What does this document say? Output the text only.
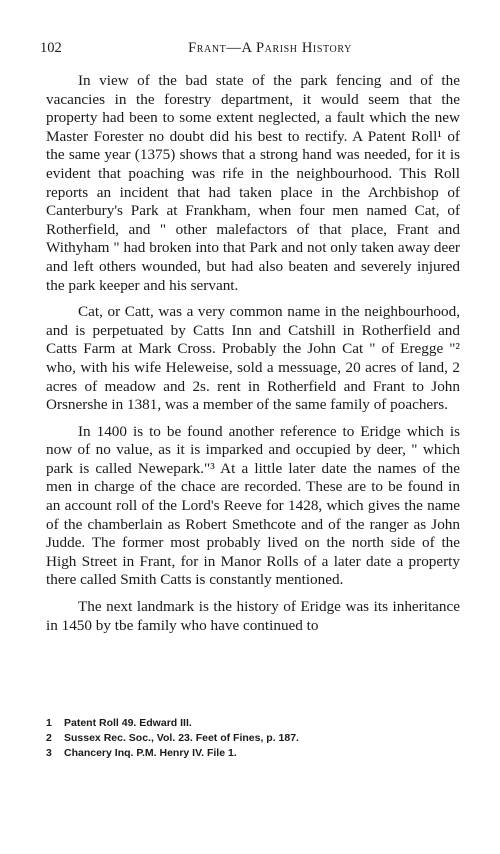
102	Frant—A Parish History

In view of the bad state of the park fencing and of the vacancies in the forestry department, it would seem that the property had been to some extent neglected, a fault which the new Master Forester no doubt did his best to rectify. A Patent Roll¹ of the same year (1375) shows that a strong hand was needed, for it is evident that poaching was rife in the neighbourhood. This Roll reports an incident that had taken place in the Archbishop of Canterbury's Park at Frankham, when four men named Cat, of Rotherfield, and " other malefactors of that place, Frant and Withyham " had broken into that Park and not only taken away deer and left others wounded, but had also beaten and severely injured the park keeper and his servant.

Cat, or Catt, was a very common name in the neighbourhood, and is perpetuated by Catts Inn and Catshill in Rotherfield and Catts Farm at Mark Cross. Probably the John Cat " of Eregge "² who, with his wife Heleweise, sold a messuage, 20 acres of land, 2 acres of meadow and 2s. rent in Rotherfield and Frant to John Orsnershe in 1381, was a member of the same family of poachers.

In 1400 is to be found another reference to Eridge which is now of no value, as it is imparked and occupied by deer, " which park is called Newepark."³ At a little later date the names of the men in charge of the chace are recorded. These are to be found in an account roll of the Lord's Reeve for 1428, which gives the name of the chamberlain as Robert Smethcote and of the ranger as John Judde. The former most probably lived on the north side of the High Street in Frant, for in Manor Rolls of a later date a property there called Smith Catts is constantly mentioned.

The next landmark is the history of Eridge was its inheritance in 1450 by tbe family who have continued to

1	Patent Roll 49. Edward III.
2	Sussex Rec. Soc., Vol. 23. Feet of Fines, p. 187.
3	Chancery Inq. P.M. Henry IV. File 1.
